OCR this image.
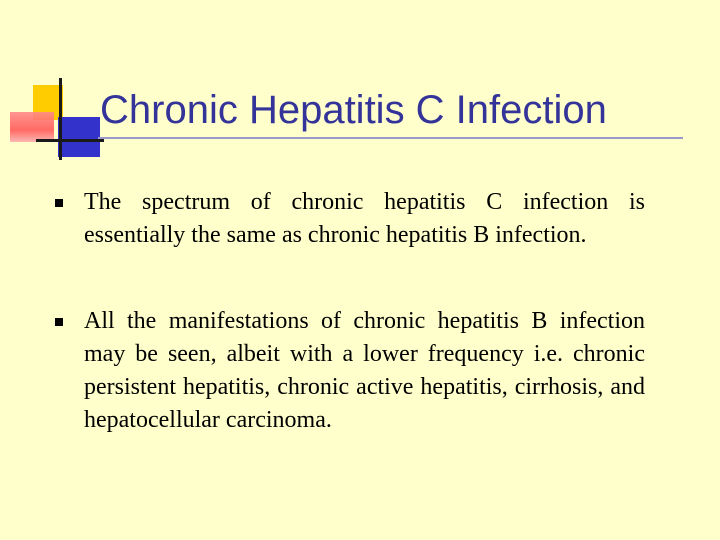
Chronic Hepatitis C Infection
The spectrum of chronic hepatitis C infection is essentially the same as chronic hepatitis B infection.
All the manifestations of chronic hepatitis B infection may be seen, albeit with a lower frequency i.e. chronic persistent hepatitis, chronic active hepatitis, cirrhosis, and hepatocellular carcinoma.
